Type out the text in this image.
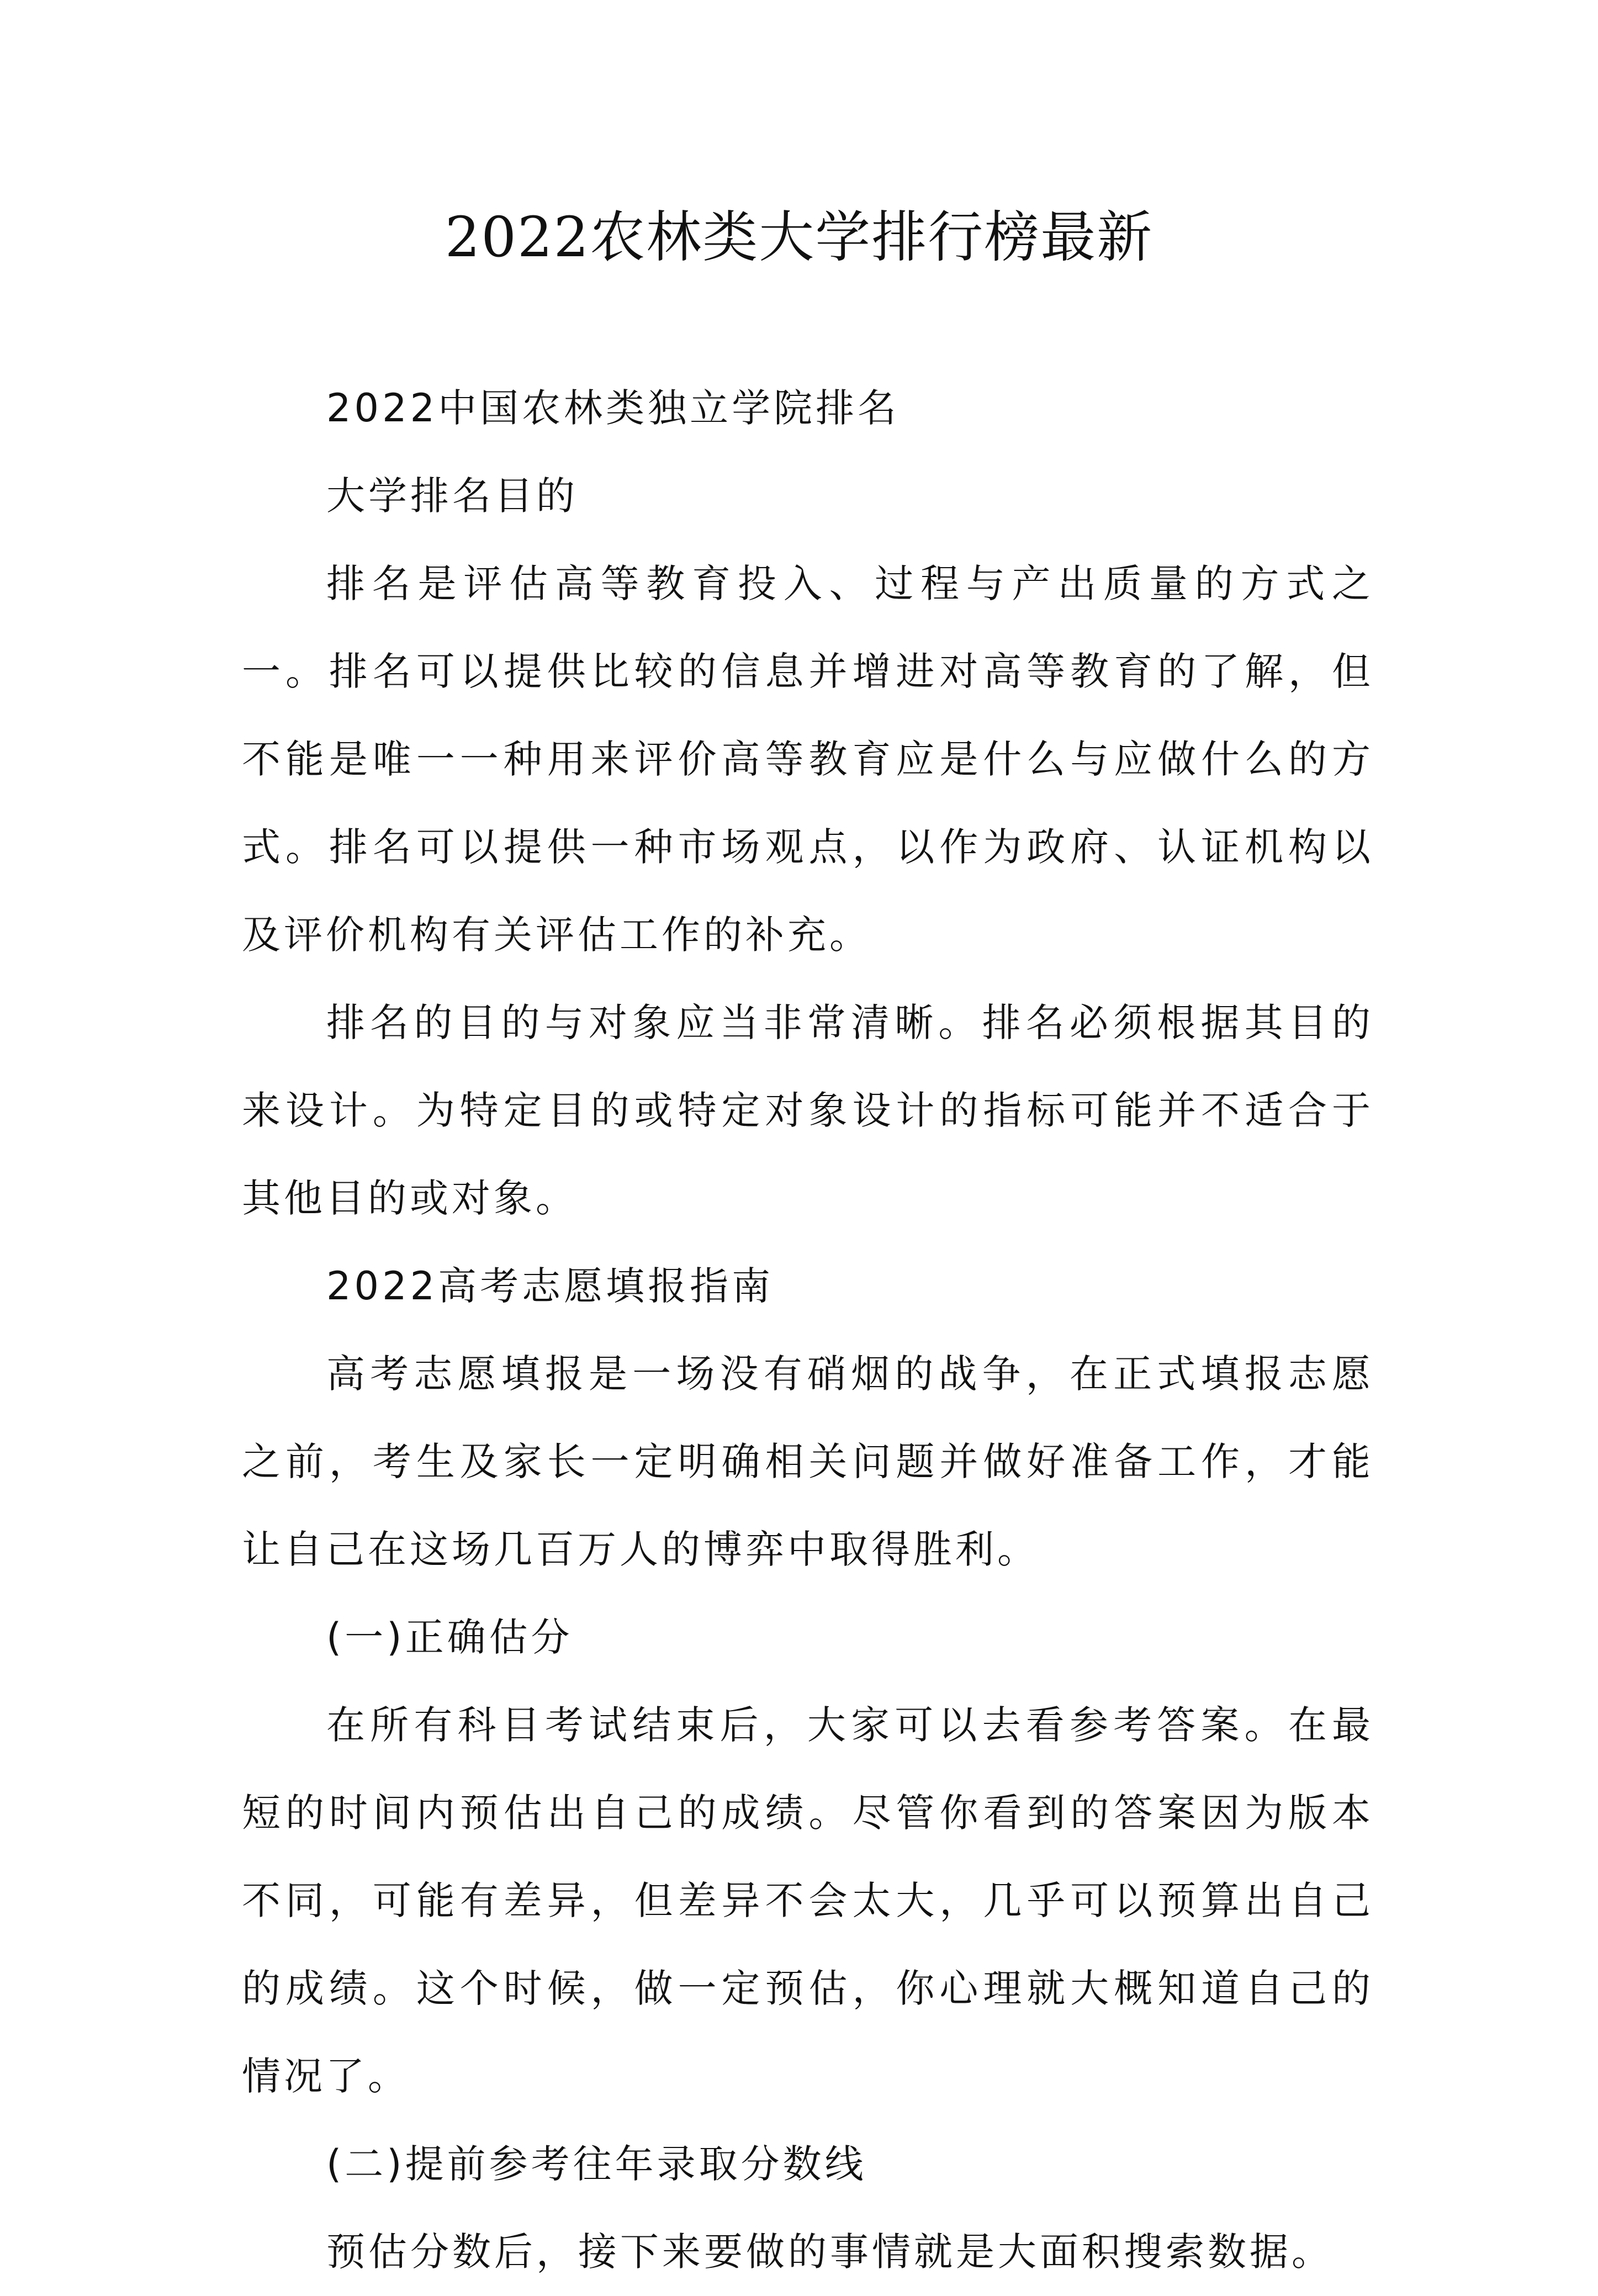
2022农林类大学排行榜最新

2022中国农林类独立学院排名

大学排名目的

排名是评估高等教育投入、过程与产出质量的方式之一。排名可以提供比较的信息并增进对高等教育的了解，但不能是唯一一种用来评价高等教育应是什么与应做什么的方式。排名可以提供一种市场观点，以作为政府、认证机构以及评价机构有关评估工作的补充。

排名的目的与对象应当非常清晰。排名必须根据其目的来设计。为特定目的或特定对象设计的指标可能并不适合于其他目的或对象。

2022高考志愿填报指南

高考志愿填报是一场没有硝烟的战争，在正式填报志愿之前，考生及家长一定明确相关问题并做好准备工作，才能让自己在这场几百万人的博弈中取得胜利。

(一)正确估分

在所有科目考试结束后，大家可以去看参考答案。在最短的时间内预估出自己的成绩。尽管你看到的答案因为版本不同，可能有差异，但差异不会太大，几乎可以预算出自己的成绩。这个时候，做一定预估，你心理就大概知道自己的情况了。

(二)提前参考往年录取分数线

预估分数后，接下来要做的事情就是大面积搜索数据。
